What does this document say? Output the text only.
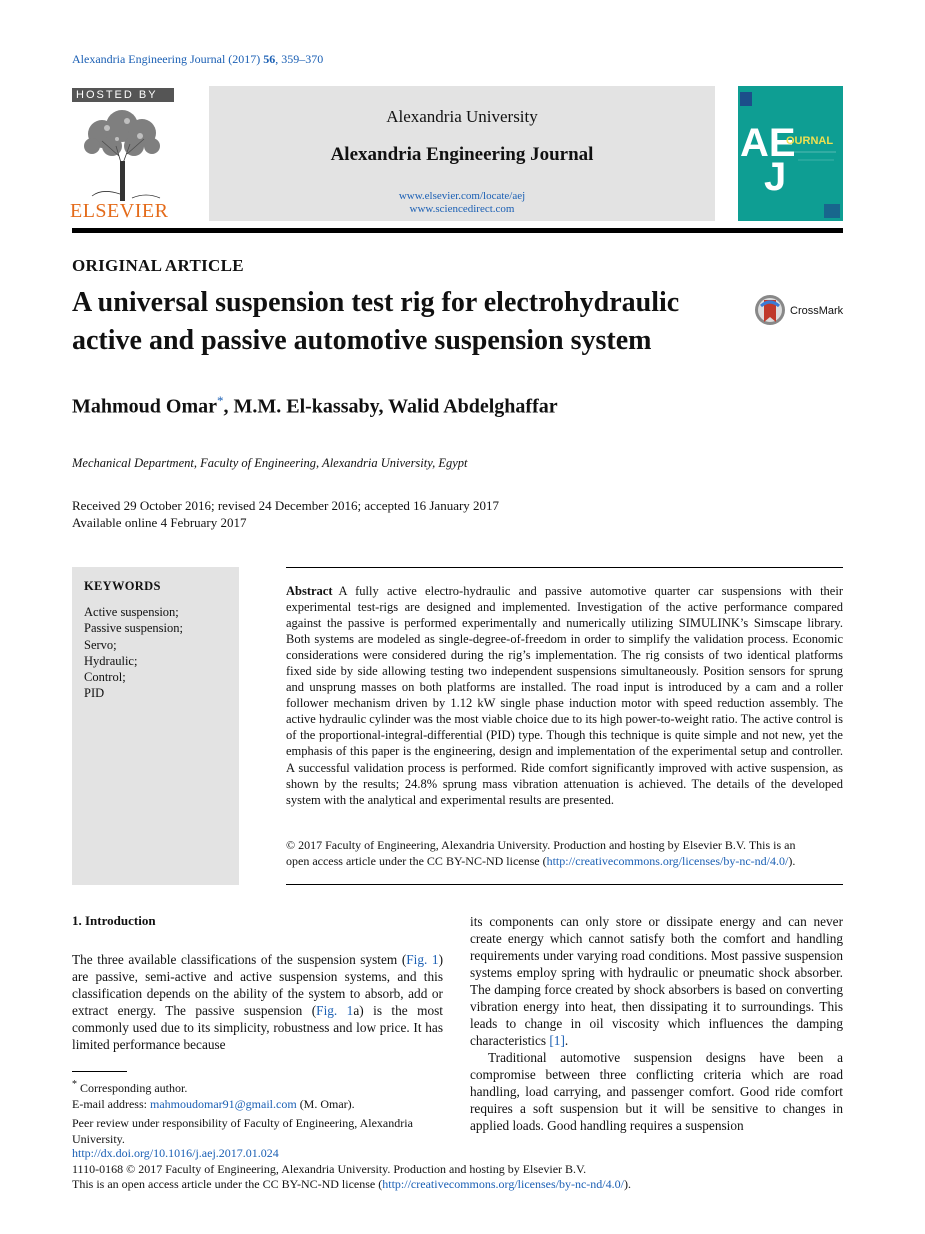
Alexandria Engineering Journal (2017) 56, 359–370
HOSTED BY
ELSEVIER
Alexandria University
Alexandria Engineering Journal
www.elsevier.com/locate/aej
www.sciencedirect.com
AE
J
OURNAL
ORIGINAL ARTICLE
A universal suspension test rig for electrohydraulic active and passive automotive suspension system
CrossMark
Mahmoud Omar*, M.M. El-kassaby, Walid Abdelghaffar
Mechanical Department, Faculty of Engineering, Alexandria University, Egypt
Received 29 October 2016; revised 24 December 2016; accepted 16 January 2017
Available online 4 February 2017
KEYWORDS
Active suspension;
Passive suspension;
Servo;
Hydraulic;
Control;
PID
Abstract A fully active electro-hydraulic and passive automotive quarter car suspensions with their experimental test-rigs are designed and implemented. Investigation of the active performance compared against the passive is performed experimentally and numerically utilizing SIMULINK’s Simscape library. Both systems are modeled as single-degree-of-freedom in order to simplify the validation process. Economic considerations were considered during the rig’s implementation. The rig consists of two identical platforms fixed side by side allowing testing two independent suspensions simultaneously. Position sensors for sprung and unsprung masses on both platforms are installed. The road input is introduced by a cam and a roller follower mechanism driven by 1.12 kW single phase induction motor with speed reduction assembly. The active hydraulic cylinder was the most viable choice due to its high power-to-weight ratio. The active control is of the proportional-integral-differential (PID) type. Though this technique is quite simple and not new, yet the emphasis of this paper is the engineering, design and implementation of the experimental setup and controller. A successful validation process is performed. Ride comfort significantly improved with active suspension, as shown by the results; 24.8% sprung mass vibration attenuation is achieved. The details of the developed system with the analytical and experimental results are presented.
© 2017 Faculty of Engineering, Alexandria University. Production and hosting by Elsevier B.V. This is an
open access article under the CC BY-NC-ND license (http://creativecommons.org/licenses/by-nc-nd/4.0/).
1. Introduction
The three available classifications of the suspension system (Fig. 1) are passive, semi-active and active suspension systems, and this classification depends on the ability of the system to absorb, add or extract energy. The passive suspension (Fig. 1a) is the most commonly used due to its simplicity, robustness and low price. It has limited performance because

its components can only store or dissipate energy and can never create energy which cannot satisfy both the comfort and handling requirements under varying road conditions. Most passive suspension systems employ spring with hydraulic or pneumatic shock absorber. The damping force created by shock absorbers is based on converting vibration energy into heat, then dissipating it to surroundings. This leads to change in oil viscosity which influences the damping characteristics [1].

Traditional automotive suspension designs have been a compromise between three conflicting criteria which are road handling, load carrying, and passenger comfort. Good ride comfort requires a soft suspension but it will be sensitive to changes in applied loads. Good handling requires a suspension

* Corresponding author.
E-mail address: mahmoudomar91@gmail.com (M. Omar).
Peer review under responsibility of Faculty of Engineering, Alexandria University.
http://dx.doi.org/10.1016/j.aej.2017.01.024
1110-0168 © 2017 Faculty of Engineering, Alexandria University. Production and hosting by Elsevier B.V.
This is an open access article under the CC BY-NC-ND license (http://creativecommons.org/licenses/by-nc-nd/4.0/).
